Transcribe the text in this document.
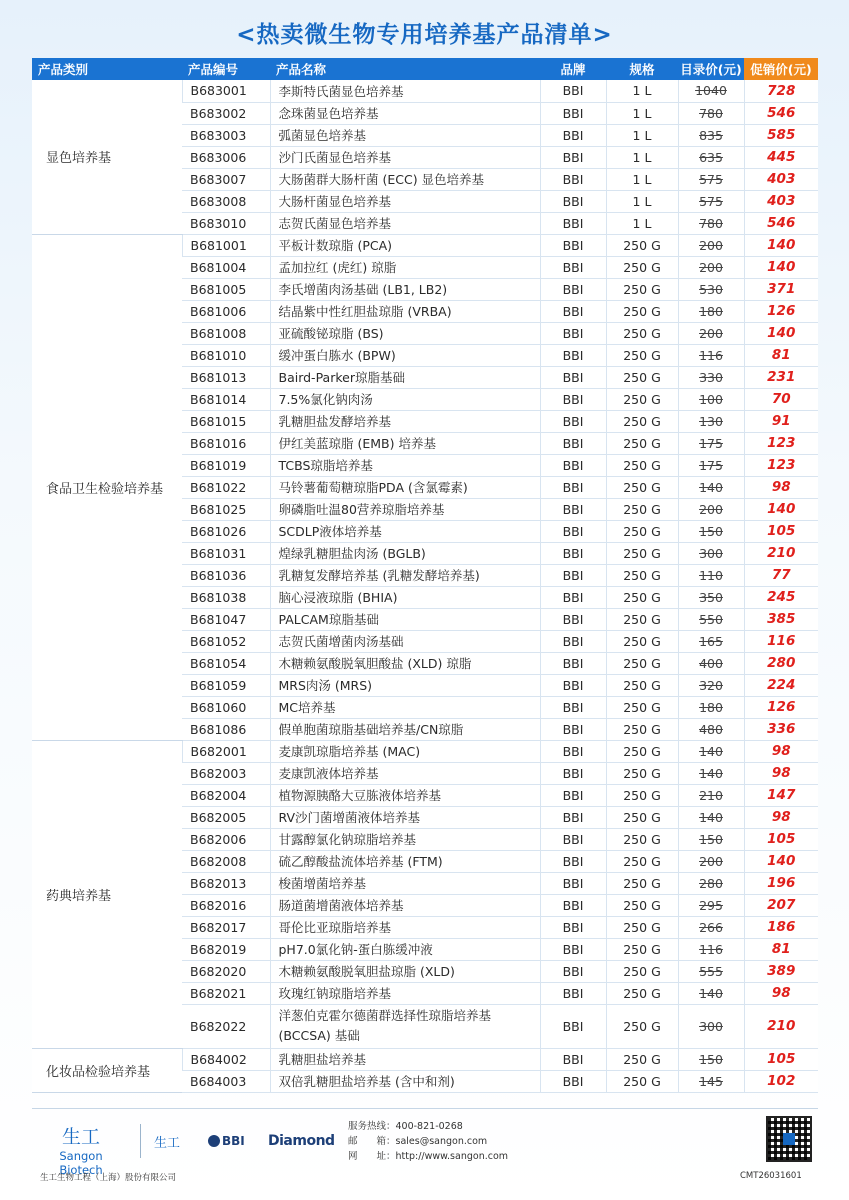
<热卖微生物专用培养基产品清单>
产品类别	产品编号	产品名称	品牌	规格	目录价(元)	促销价(元)
显色培养基	B683001	李斯特氏菌显色培养基	BBI	1 L	1040	728
	B683002	念珠菌显色培养基	BBI	1 L	780	546
	B683003	弧菌显色培养基	BBI	1 L	835	585
	B683006	沙门氏菌显色培养基	BBI	1 L	635	445
	B683007	大肠菌群大肠杆菌 (ECC) 显色培养基	BBI	1 L	575	403
	B683008	大肠杆菌显色培养基	BBI	1 L	575	403
	B683010	志贺氏菌显色培养基	BBI	1 L	780	546
食品卫生检验培养基	B681001	平板计数琼脂 (PCA)	BBI	250 G	200	140
	B681004	孟加拉红 (虎红) 琼脂	BBI	250 G	200	140
	B681005	李氏增菌肉汤基础 (LB1, LB2)	BBI	250 G	530	371
	B681006	结晶紫中性红胆盐琼脂 (VRBA)	BBI	250 G	180	126
	B681008	亚硫酸铋琼脂 (BS)	BBI	250 G	200	140
	B681010	缓冲蛋白胨水 (BPW)	BBI	250 G	116	81
	B681013	Baird-Parker琼脂基础	BBI	250 G	330	231
	B681014	7.5%氯化钠肉汤	BBI	250 G	100	70
	B681015	乳糖胆盐发酵培养基	BBI	250 G	130	91
	B681016	伊红美蓝琼脂 (EMB) 培养基	BBI	250 G	175	123
	B681019	TCBS琼脂培养基	BBI	250 G	175	123
	B681022	马铃薯葡萄糖琼脂PDA (含氯霉素)	BBI	250 G	140	98
	B681025	卵磷脂吐温80营养琼脂培养基	BBI	250 G	200	140
	B681026	SCDLP液体培养基	BBI	250 G	150	105
	B681031	煌绿乳糖胆盐肉汤 (BGLB)	BBI	250 G	300	210
	B681036	乳糖复发酵培养基 (乳糖发酵培养基)	BBI	250 G	110	77
	B681038	脑心浸液琼脂 (BHIA)	BBI	250 G	350	245
	B681047	PALCAM琼脂基础	BBI	250 G	550	385
	B681052	志贺氏菌增菌肉汤基础	BBI	250 G	165	116
	B681054	木糖赖氨酸脱氧胆酸盐 (XLD) 琼脂	BBI	250 G	400	280
	B681059	MRS肉汤 (MRS)	BBI	250 G	320	224
	B681060	MC培养基	BBI	250 G	180	126
	B681086	假单胞菌琼脂基础培养基/CN琼脂	BBI	250 G	480	336
药典培养基	B682001	麦康凯琼脂培养基 (MAC)	BBI	250 G	140	98
	B682003	麦康凯液体培养基	BBI	250 G	140	98
	B682004	植物源胰酪大豆胨液体培养基	BBI	250 G	210	147
	B682005	RV沙门菌增菌液体培养基	BBI	250 G	140	98
	B682006	甘露醇氯化钠琼脂培养基	BBI	250 G	150	105
	B682008	硫乙醇酸盐流体培养基 (FTM)	BBI	250 G	200	140
	B682013	梭菌增菌培养基	BBI	250 G	280	196
	B682016	肠道菌增菌液体培养基	BBI	250 G	295	207
	B682017	哥伦比亚琼脂培养基	BBI	250 G	266	186
	B682019	pH7.0氯化钠-蛋白胨缓冲液	BBI	250 G	116	81
	B682020	木糖赖氨酸脱氧胆盐琼脂 (XLD)	BBI	250 G	555	389
	B682021	玫瑰红钠琼脂培养基	BBI	250 G	140	98
	B682022	洋葱伯克霍尔德菌群选择性琼脂培养基 (BCCSA) 基础	BBI	250 G	300	210
化妆品检验培养基	B684002	乳糖胆盐培养基	BBI	250 G	150	105
	B684003	双倍乳糖胆盐培养基 (含中和剂)	BBI	250 G	145	102
生工
Sangon Biotech
生工	BBI Diamond
服务热线：400-821-0268
邮　　箱：sales@sangon.com
网　　址：http://www.sangon.com
生工生物工程（上海）股份有限公司	CMT26031601
